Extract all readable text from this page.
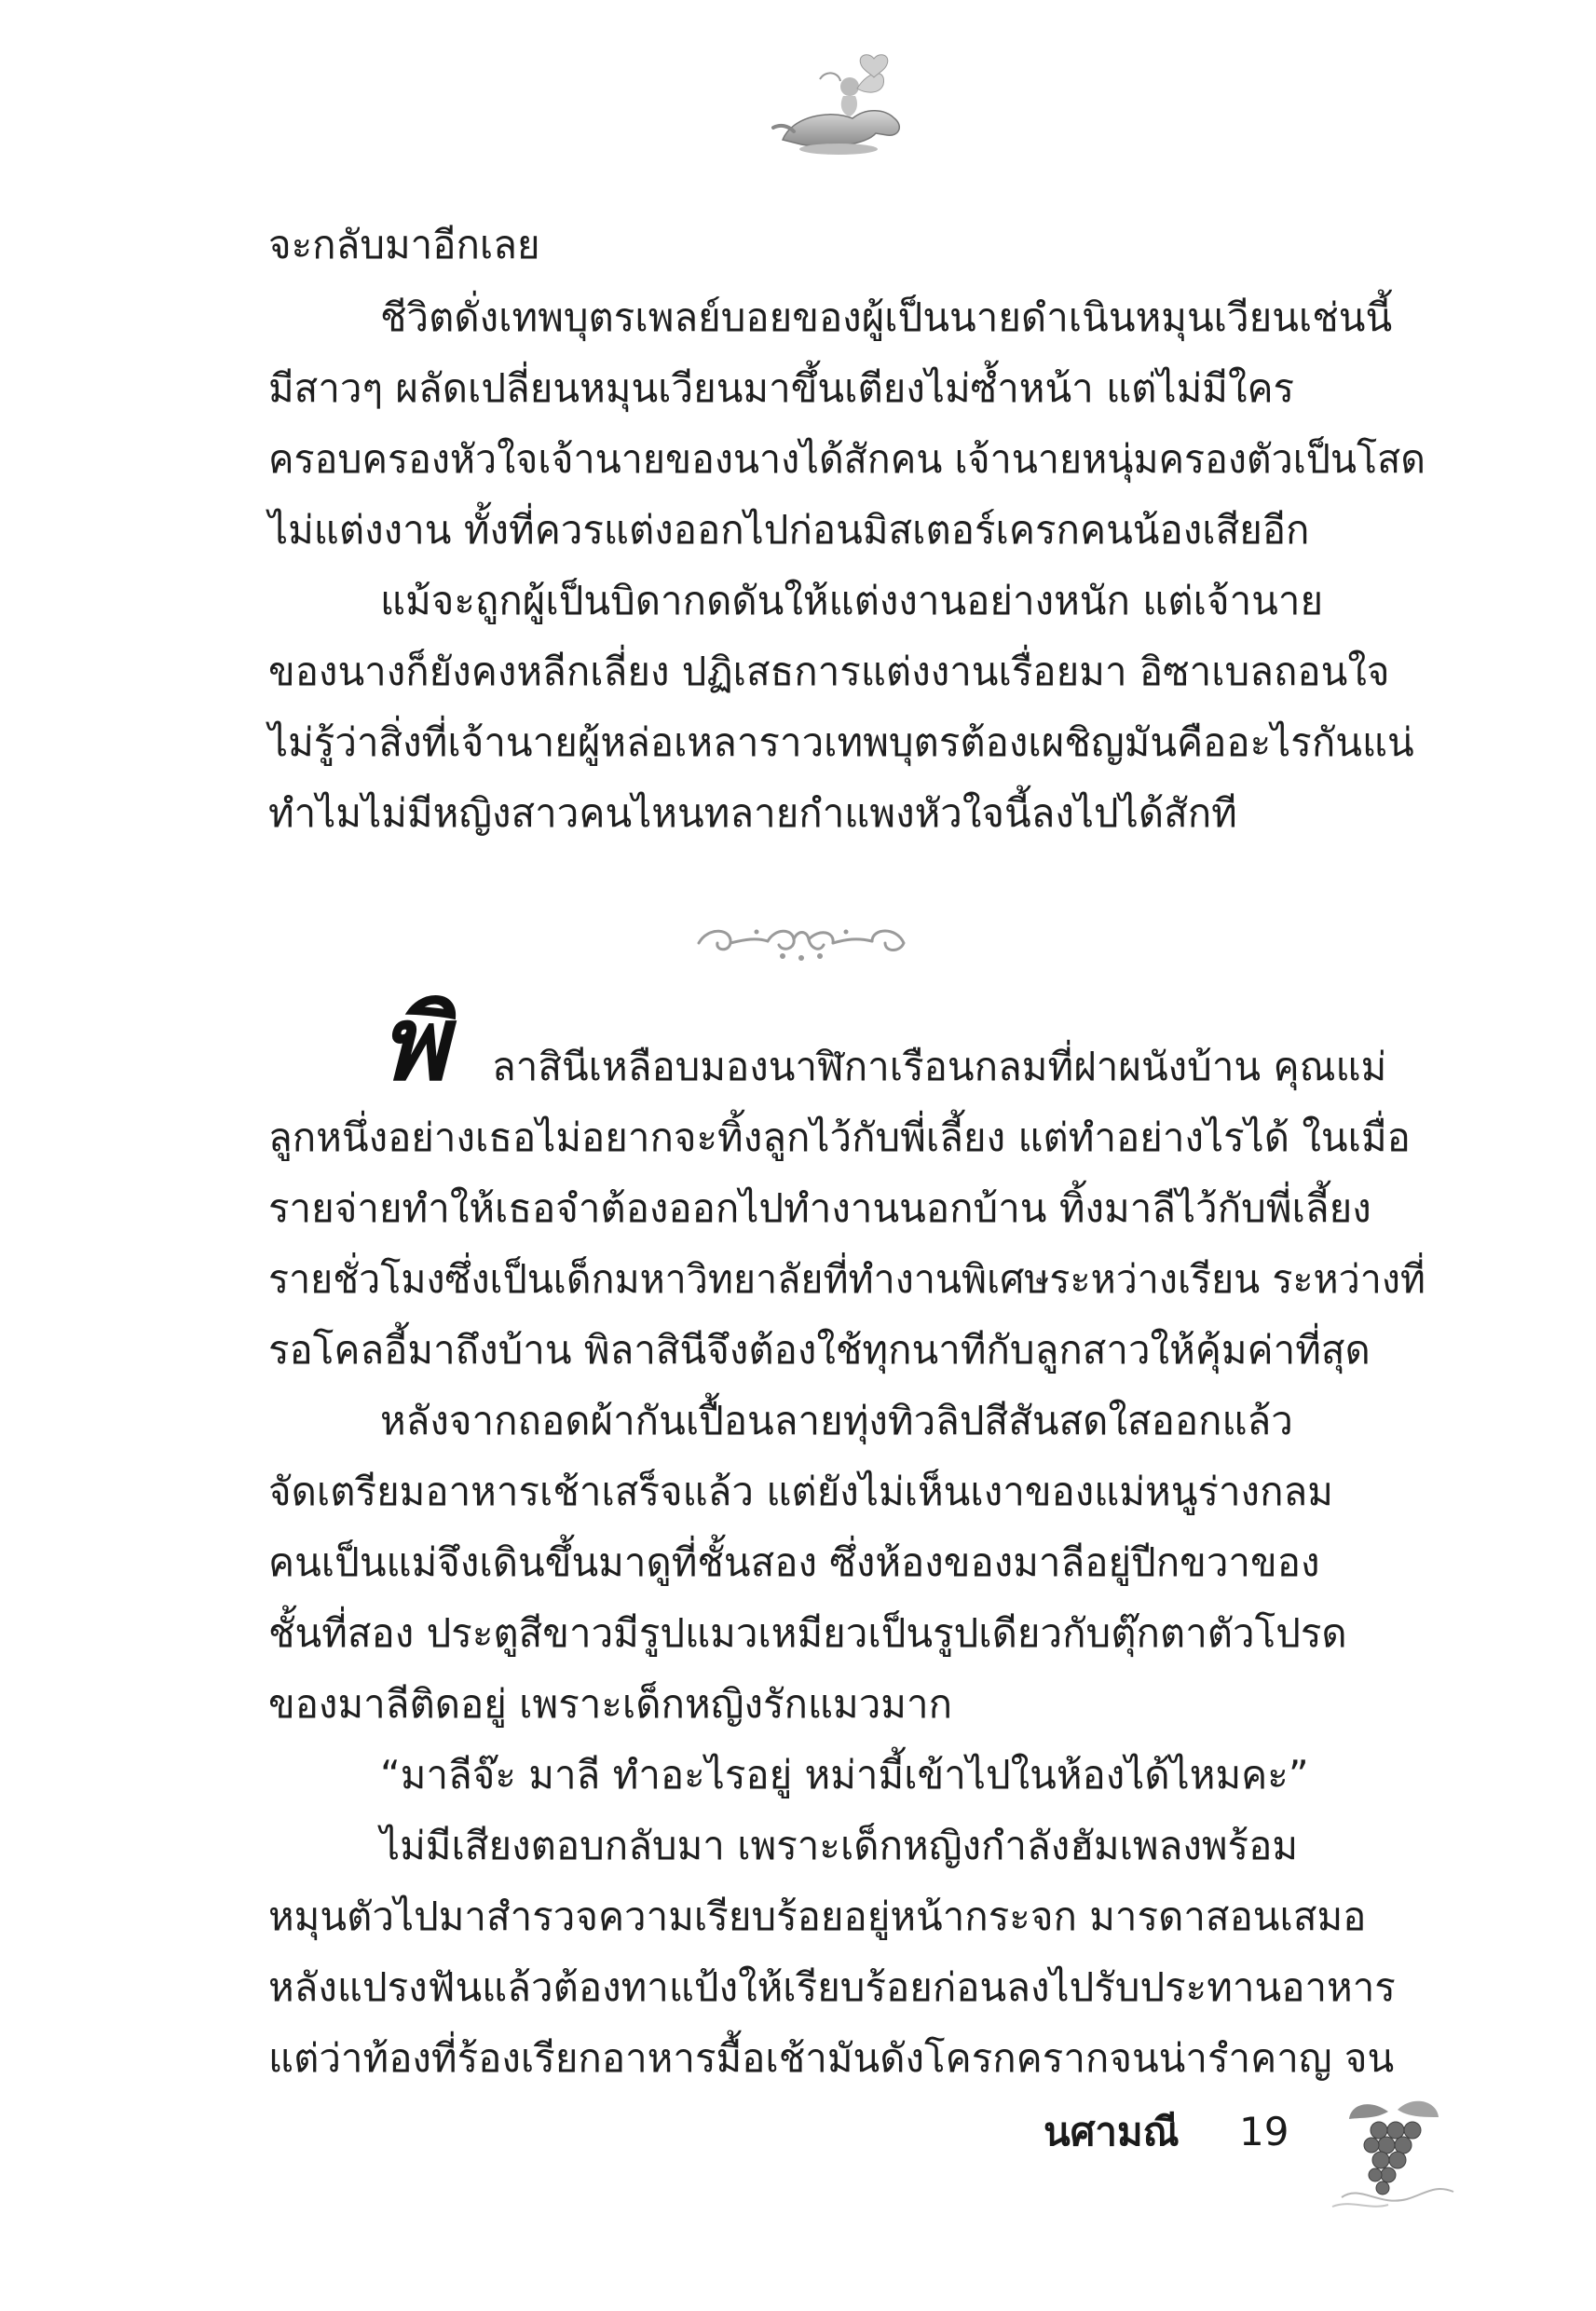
จะกลับมาอีกเลย
ชีวิตดั่งเทพบุตรเพลย์บอยของผู้เป็นนายดำเนินหมุนเวียนเช่นนี้
มีสาวๆ ผลัดเปลี่ยนหมุนเวียนมาขึ้นเตียงไม่ซ้ำหน้า แต่ไม่มีใคร
ครอบครองหัวใจเจ้านายของนางได้สักคน เจ้านายหนุ่มครองตัวเป็นโสด
ไม่แต่งงาน ทั้งที่ควรแต่งออกไปก่อนมิสเตอร์เครกคนน้องเสียอีก
แม้จะถูกผู้เป็นบิดากดดันให้แต่งงานอย่างหนัก แต่เจ้านาย
ของนางก็ยังคงหลีกเลี่ยง ปฏิเสธการแต่งงานเรื่อยมา อิซาเบลถอนใจ
ไม่รู้ว่าสิ่งที่เจ้านายผู้หล่อเหลาราวเทพบุตรต้องเผชิญมันคืออะไรกันแน่
ทำไมไม่มีหญิงสาวคนไหนทลายกำแพงหัวใจนี้ลงไปได้สักที
พิ ลาสินีเหลือบมองนาฬิกาเรือนกลมที่ฝาผนังบ้าน คุณแม่
ลูกหนึ่งอย่างเธอไม่อยากจะทิ้งลูกไว้กับพี่เลี้ยง แต่ทำอย่างไรได้ ในเมื่อ
รายจ่ายทำให้เธอจำต้องออกไปทำงานนอกบ้าน ทิ้งมาลีไว้กับพี่เลี้ยง
รายชั่วโมงซึ่งเป็นเด็กมหาวิทยาลัยที่ทำงานพิเศษระหว่างเรียน ระหว่างที่
รอโคลอี้มาถึงบ้าน พิลาสินีจึงต้องใช้ทุกนาทีกับลูกสาวให้คุ้มค่าที่สุด
หลังจากถอดผ้ากันเปื้อนลายทุ่งทิวลิปสีสันสดใสออกแล้ว
จัดเตรียมอาหารเช้าเสร็จแล้ว แต่ยังไม่เห็นเงาของแม่หนูร่างกลม
คนเป็นแม่จึงเดินขึ้นมาดูที่ชั้นสอง ซึ่งห้องของมาลีอยู่ปีกขวาของ
ชั้นที่สอง ประตูสีขาวมีรูปแมวเหมียวเป็นรูปเดียวกับตุ๊กตาตัวโปรด
ของมาลีติดอยู่ เพราะเด็กหญิงรักแมวมาก
“มาลีจ๊ะ มาลี ทำอะไรอยู่ หม่ามี้เข้าไปในห้องได้ไหมคะ”
ไม่มีเสียงตอบกลับมา เพราะเด็กหญิงกำลังฮัมเพลงพร้อม
หมุนตัวไปมาสำรวจความเรียบร้อยอยู่หน้ากระจก มารดาสอนเสมอ
หลังแปรงฟันแล้วต้องทาแป้งให้เรียบร้อยก่อนลงไปรับประทานอาหาร
แต่ว่าท้องที่ร้องเรียกอาหารมื้อเช้ามันดังโครกครากจนน่ารำคาญ จน
นศามณี 19
